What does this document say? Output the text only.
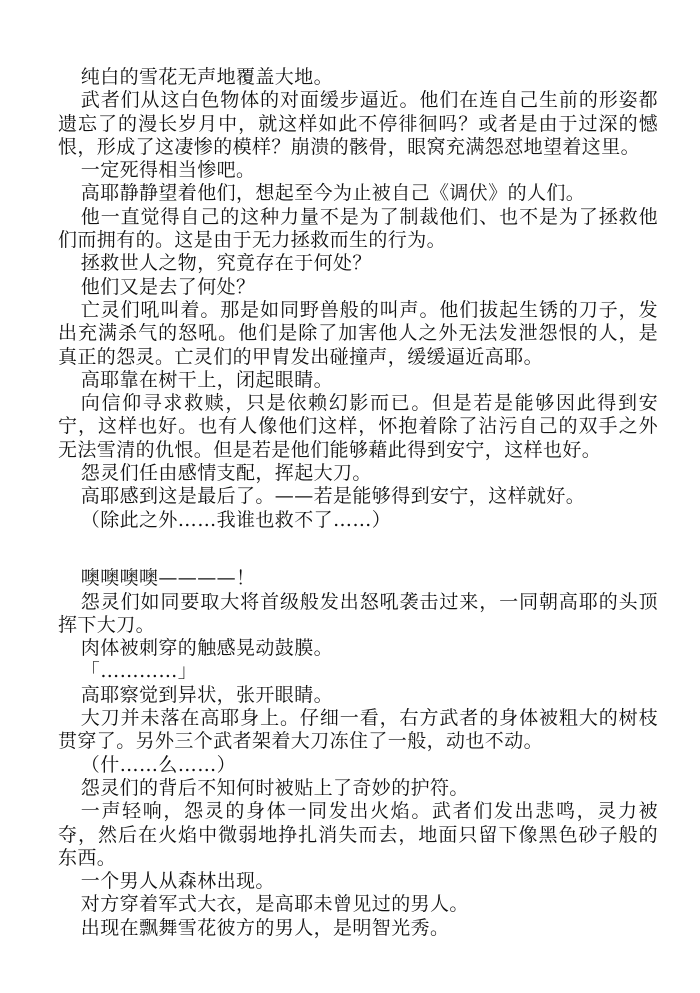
纯白的雪花无声地覆盖大地。

武者们从这白色物体的对面缓步逼近。他们在连自己生前的形姿都遗忘了的漫长岁月中，就这样如此不停徘徊吗？或者是由于过深的憾恨，形成了这凄惨的模样？崩溃的骸骨，眼窝充满怨怼地望着这里。

一定死得相当惨吧。

高耶静静望着他们，想起至今为止被自己《调伏》的人们。

他一直觉得自己的这种力量不是为了制裁他们、也不是为了拯救他们而拥有的。这是由于无力拯救而生的行为。

拯救世人之物，究竟存在于何处？

他们又是去了何处？

亡灵们吼叫着。那是如同野兽般的叫声。他们拔起生锈的刀子，发出充满杀气的怒吼。他们是除了加害他人之外无法发泄怨恨的人，是真正的怨灵。亡灵们的甲胄发出碰撞声，缓缓逼近高耶。

高耶靠在树干上，闭起眼睛。

向信仰寻求救赎，只是依赖幻影而已。但是若是能够因此得到安宁，这样也好。也有人像他们这样，怀抱着除了沾污自己的双手之外无法雪清的仇恨。但是若是他们能够藉此得到安宁，这样也好。

怨灵们任由感情支配，挥起大刀。

高耶感到这是最后了。——若是能够得到安宁，这样就好。

（除此之外……我谁也救不了……）

噢噢噢噢————！

怨灵们如同要取大将首级般发出怒吼袭击过来，一同朝高耶的头顶挥下大刀。

肉体被刺穿的触感晃动鼓膜。

「…………」

高耶察觉到异状，张开眼睛。

大刀并未落在高耶身上。仔细一看，右方武者的身体被粗大的树枝贯穿了。另外三个武者架着大刀冻住了一般，动也不动。

（什……么……）

怨灵们的背后不知何时被贴上了奇妙的护符。

一声轻响，怨灵的身体一同发出火焰。武者们发出悲鸣，灵力被夺，然后在火焰中微弱地挣扎消失而去，地面只留下像黑色砂子般的东西。

一个男人从森林出现。

对方穿着军式大衣，是高耶未曾见过的男人。

出现在飘舞雪花彼方的男人，是明智光秀。
